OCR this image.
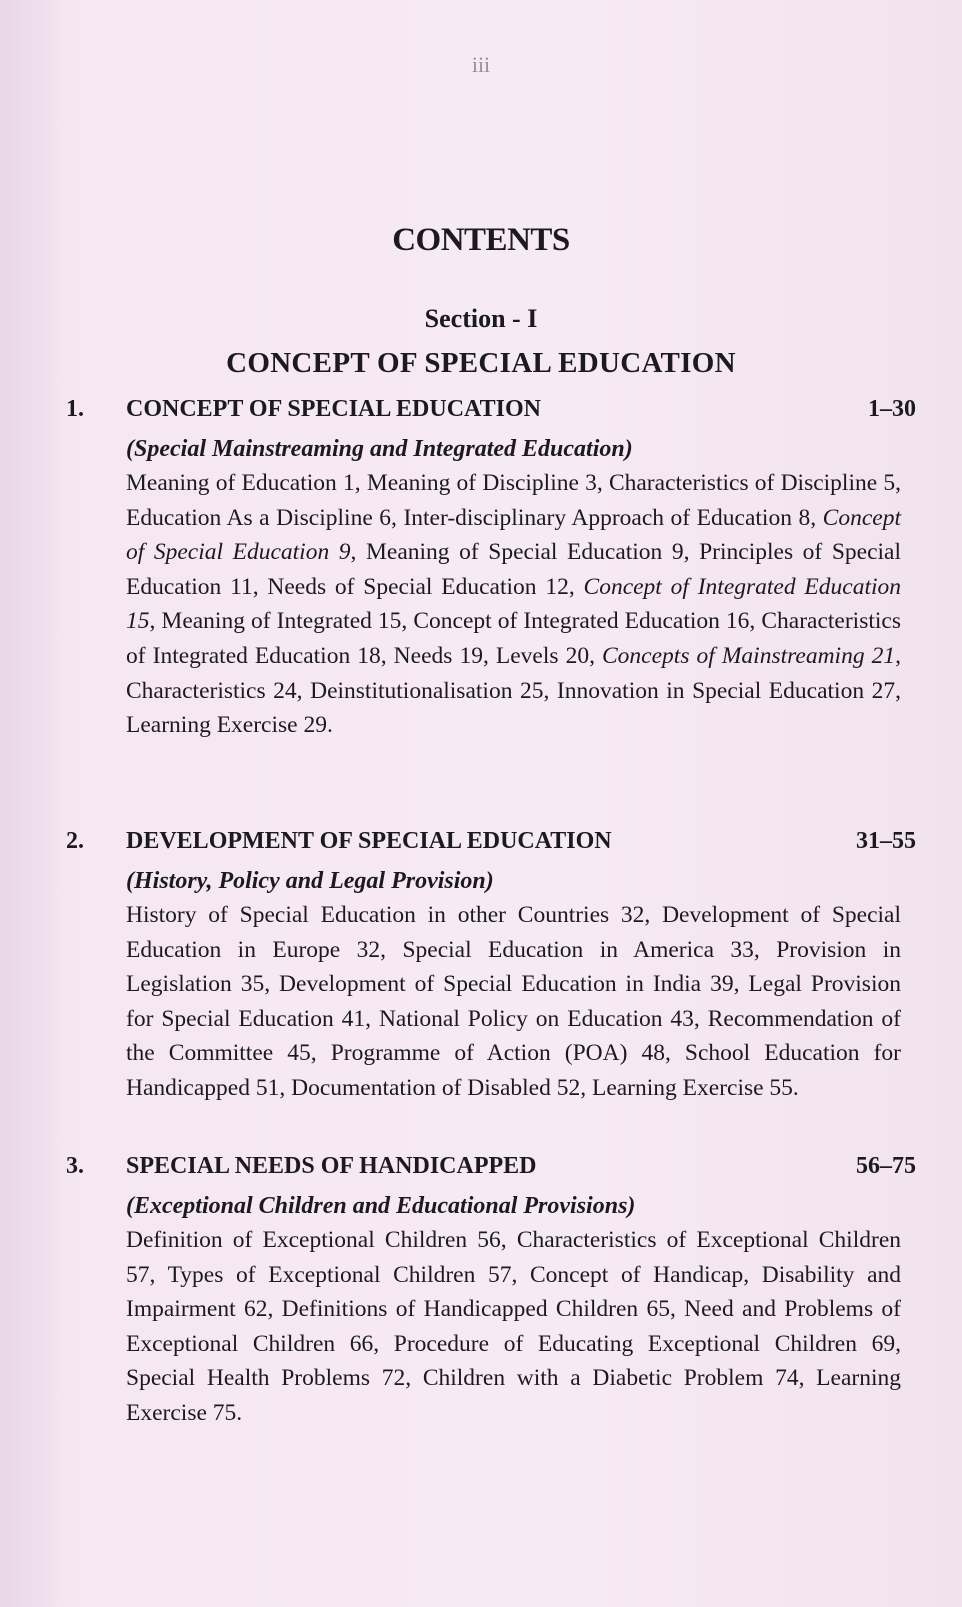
iii
CONTENTS
Section - I
CONCEPT OF SPECIAL EDUCATION
1. CONCEPT OF SPECIAL EDUCATION	1–30
(Special Mainstreaming and Integrated Education)
Meaning of Education 1, Meaning of Discipline 3, Characteristics of Discipline 5, Education As a Discipline 6, Inter-disciplinary Approach of Education 8, Concept of Special Education 9, Meaning of Special Education 9, Principles of Special Education 11, Needs of Special Education 12, Concept of Integrated Education 15, Meaning of Integrated 15, Concept of Integrated Education 16, Characteristics of Integrated Education 18, Needs 19, Levels 20, Concepts of Mainstreaming 21, Characteristics 24, Deinstitutionalisation 25, Innovation in Special Education 27, Learning Exercise 29.
2. DEVELOPMENT OF SPECIAL EDUCATION	31–55
(History, Policy and Legal Provision)
History of Special Education in other Countries 32, Development of Special Education in Europe 32, Special Education in America 33, Provision in Legislation 35, Development of Special Education in India 39, Legal Provision for Special Education 41, National Policy on Education 43, Recommendation of the Committee 45, Programme of Action (POA) 48, School Education for Handicapped 51, Documentation of Disabled 52, Learning Exercise 55.
3. SPECIAL NEEDS OF HANDICAPPED	56–75
(Exceptional Children and Educational Provisions)
Definition of Exceptional Children 56, Characteristics of Exceptional Children 57, Types of Exceptional Children 57, Concept of Handicap, Disability and Impairment 62, Definitions of Handicapped Children 65, Need and Problems of Exceptional Children 66, Procedure of Educating Exceptional Children 69, Special Health Problems 72, Children with a Diabetic Problem 74, Learning Exercise 75.
